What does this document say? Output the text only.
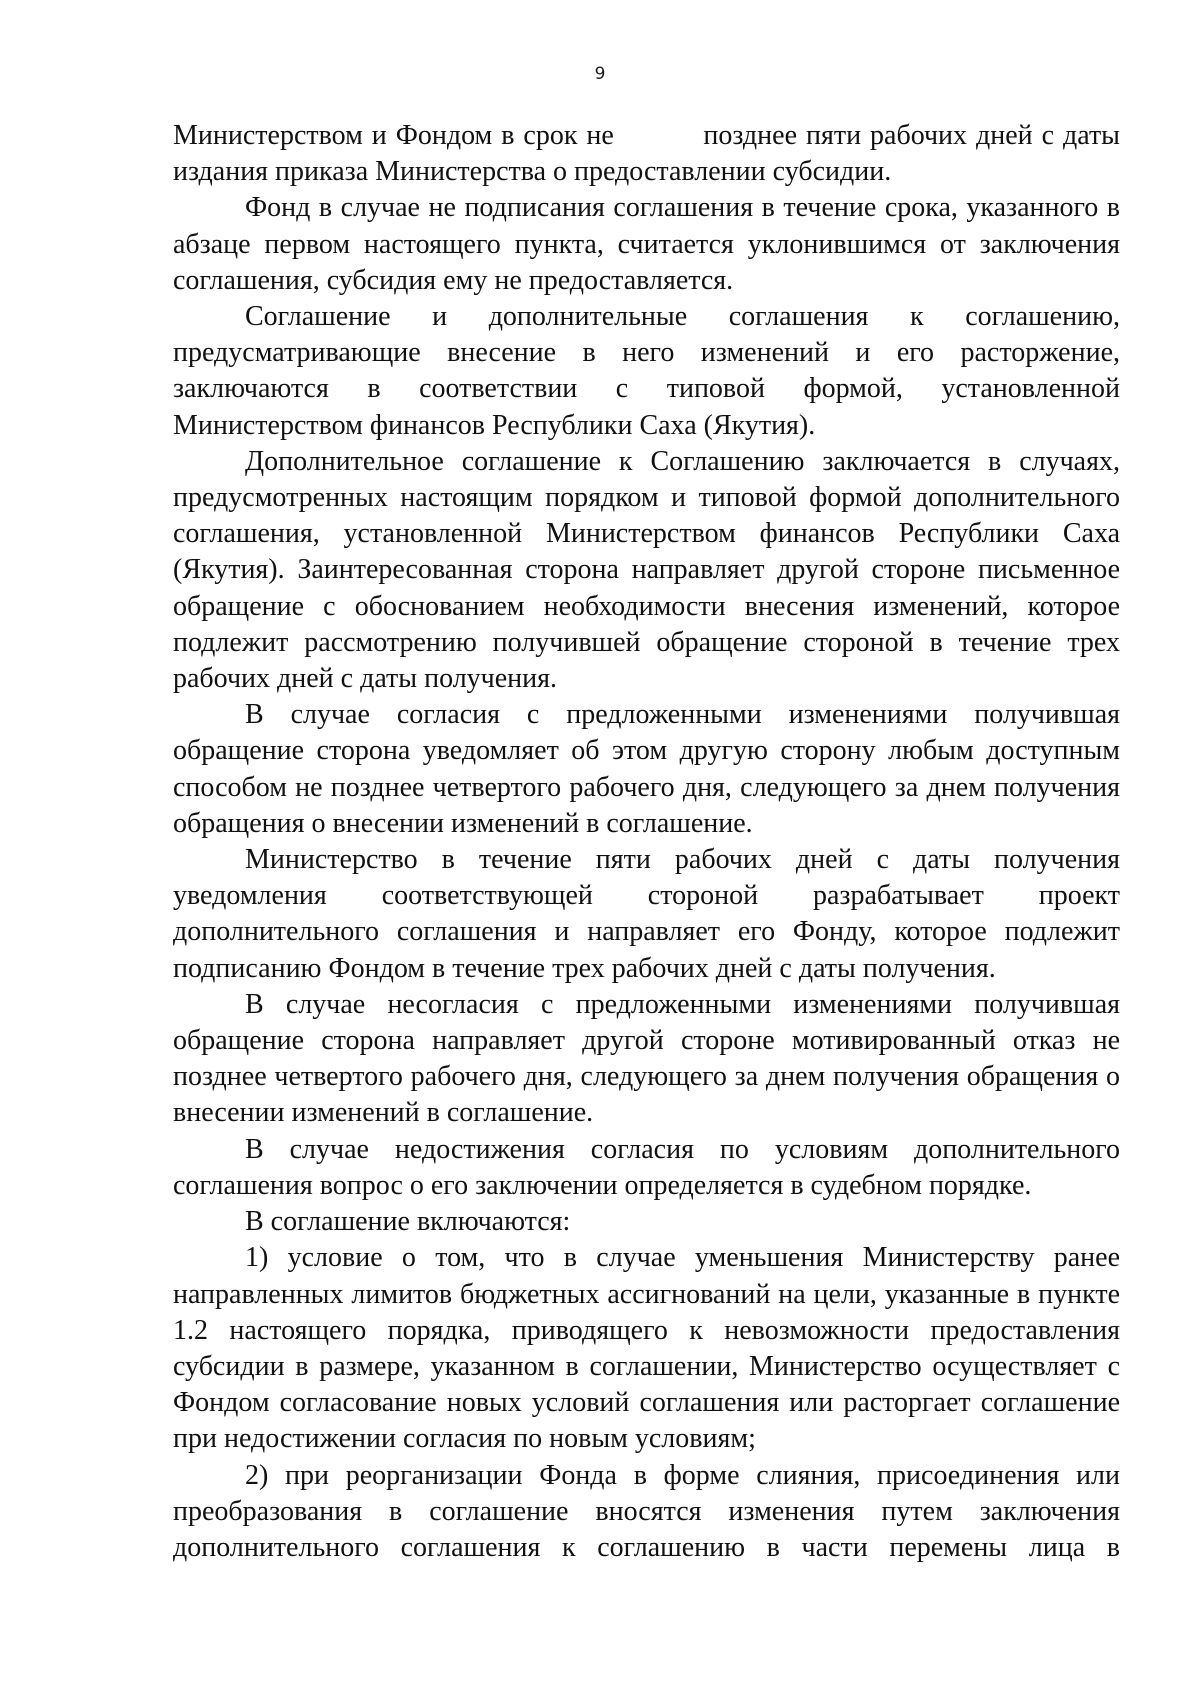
9

Министерством и Фондом в срок не          позднее пяти рабочих дней с даты издания приказа Министерства о предоставлении субсидии.

Фонд в случае не подписания соглашения в течение срока, указанного в абзаце первом настоящего пункта, считается уклонившимся от заключения соглашения, субсидия ему не предоставляется.

Соглашение и дополнительные соглашения к соглашению, предусматривающие внесение в него изменений и его расторжение, заключаются в соответствии с типовой формой, установленной Министерством финансов Республики Саха (Якутия).

Дополнительное соглашение к Соглашению заключается в случаях, предусмотренных настоящим порядком и типовой формой дополнительного соглашения, установленной Министерством финансов Республики Саха (Якутия). Заинтересованная сторона направляет другой стороне письменное обращение с обоснованием необходимости внесения изменений, которое подлежит рассмотрению получившей обращение стороной в течение трех рабочих дней с даты получения.

В случае согласия с предложенными изменениями получившая обращение сторона уведомляет об этом другую сторону любым доступным способом не позднее четвертого рабочего дня, следующего за днем получения обращения о внесении изменений в соглашение.

Министерство в течение пяти рабочих дней с даты получения уведомления соответствующей стороной разрабатывает проект дополнительного соглашения и направляет его Фонду, которое подлежит подписанию Фондом в течение трех рабочих дней с даты получения.

В случае несогласия с предложенными изменениями получившая обращение сторона направляет другой стороне мотивированный отказ не позднее четвертого рабочего дня, следующего за днем получения обращения о внесении изменений в соглашение.

В случае недостижения согласия по условиям дополнительного соглашения вопрос о его заключении определяется в судебном порядке.

В соглашение включаются:

1) условие о том, что в случае уменьшения Министерству ранее направленных лимитов бюджетных ассигнований на цели, указанные в пункте 1.2 настоящего порядка, приводящего к невозможности предоставления субсидии в размере, указанном в соглашении, Министерство осуществляет с Фондом согласование новых условий соглашения или расторгает соглашение при недостижении согласия по новым условиям;

2) при реорганизации Фонда в форме слияния, присоединения или преобразования в соглашение вносятся изменения путем заключения дополнительного соглашения к соглашению в части перемены лица в
